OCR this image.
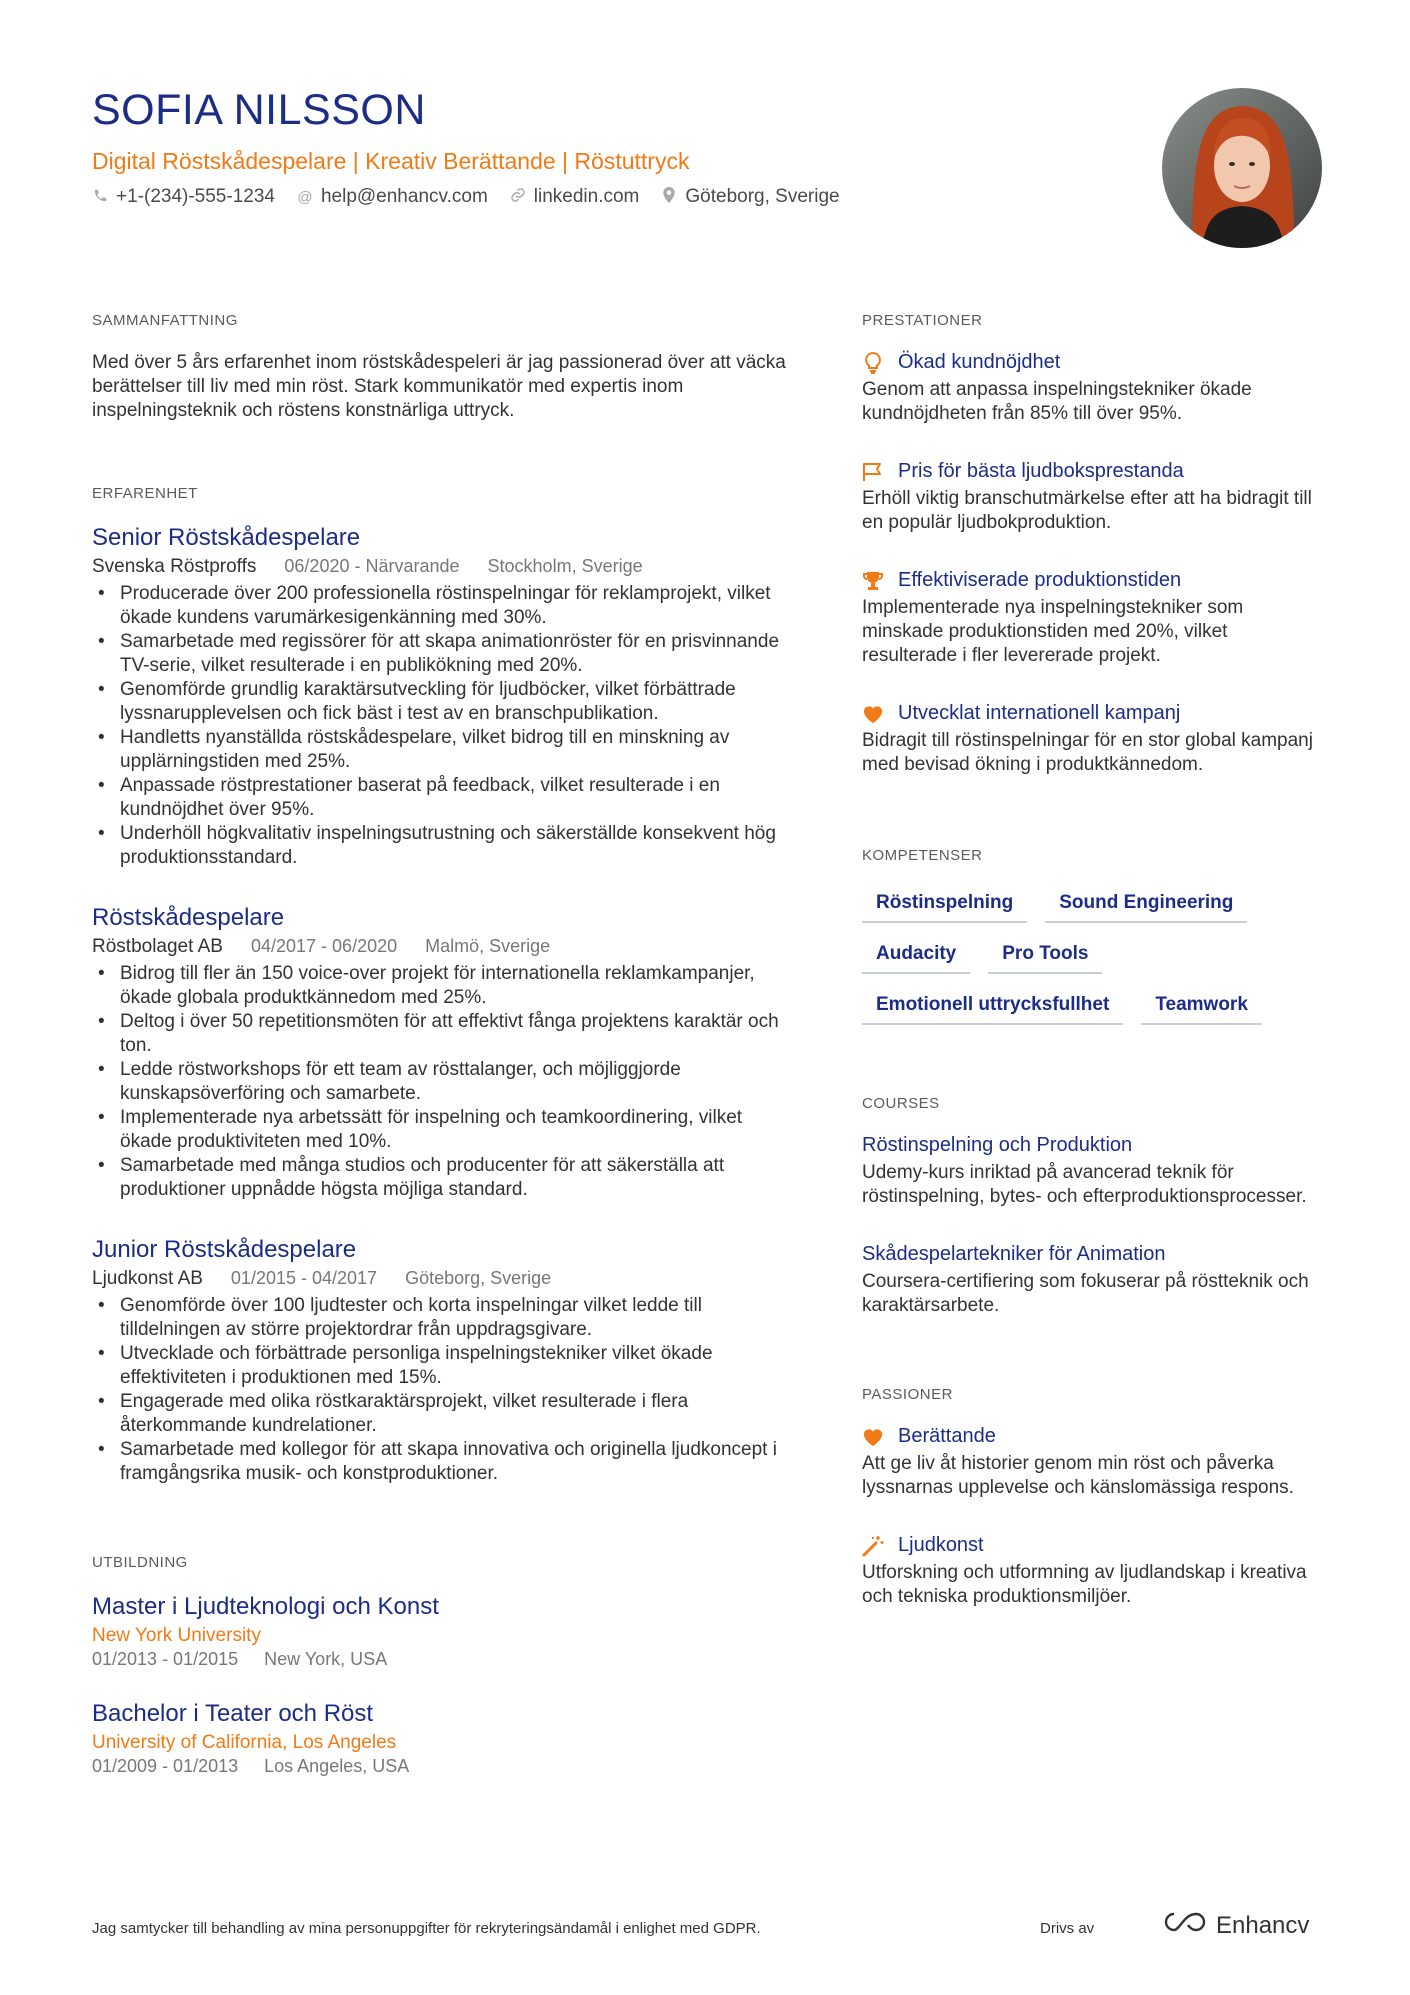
SOFIA NILSSON
Digital Röstskådespelare | Kreativ Berättande | Röstuttryck
+1-(234)-555-1234 @ help@enhancv.com linkedin.com Göteborg, Sverige
SAMMANFATTNING
Med över 5 års erfarenhet inom röstskådespeleri är jag passionerad över att väcka berättelser till liv med min röst. Stark kommunikatör med expertis inom inspelningsteknik och röstens konstnärliga uttryck.
ERFARENHET
Senior Röstskådespelare
Svenska Röstproffs 06/2020 - Närvarande Stockholm, Sverige
• Producerade över 200 professionella röstinspelningar för reklamprojekt, vilket ökade kundens varumärkesigenkänning med 30%.
• Samarbetade med regissörer för att skapa animationröster för en prisvinnande TV-serie, vilket resulterade i en publikökning med 20%.
• Genomförde grundlig karaktärsutveckling för ljudböcker, vilket förbättrade lyssnarupplevelsen och fick bäst i test av en branschpublikation.
• Handletts nyanställda röstskådespelare, vilket bidrog till en minskning av upplärningstiden med 25%.
• Anpassade röstprestationer baserat på feedback, vilket resulterade i en kundnöjdhet över 95%.
• Underhöll högkvalitativ inspelningsutrustning och säkerställde konsekvent hög produktionsstandard.
Röstskådespelare
Röstbolaget AB 04/2017 - 06/2020 Malmö, Sverige
• Bidrog till fler än 150 voice-over projekt för internationella reklamkampanjer, ökade globala produktkännedom med 25%.
• Deltog i över 50 repetitionsmöten för att effektivt fånga projektens karaktär och ton.
• Ledde röstworkshops för ett team av rösttalanger, och möjliggjorde kunskapsöverföring och samarbete.
• Implementerade nya arbetssätt för inspelning och teamkoordinering, vilket ökade produktiviteten med 10%.
• Samarbetade med många studios och producenter för att säkerställa att produktioner uppnådde högsta möjliga standard.
Junior Röstskådespelare
Ljudkonst AB 01/2015 - 04/2017 Göteborg, Sverige
• Genomförde över 100 ljudtester och korta inspelningar vilket ledde till tilldelningen av större projektordrar från uppdragsgivare.
• Utvecklade och förbättrade personliga inspelningstekniker vilket ökade effektiviteten i produktionen med 15%.
• Engagerade med olika röstkaraktärsprojekt, vilket resulterade i flera återkommande kundrelationer.
• Samarbetade med kollegor för att skapa innovativa och originella ljudkoncept i framgångsrika musik- och konstproduktioner.
UTBILDNING
Master i Ljudteknologi och Konst
New York University
01/2013 - 01/2015 New York, USA
Bachelor i Teater och Röst
University of California, Los Angeles
01/2009 - 01/2013 Los Angeles, USA
PRESTATIONER
Ökad kundnöjdhet
Genom att anpassa inspelningstekniker ökade kundnöjdheten från 85% till över 95%.
Pris för bästa ljudboksprestanda
Erhöll viktig branschutmärkelse efter att ha bidragit till en populär ljudbokproduktion.
Effektiviserade produktionstiden
Implementerade nya inspelningstekniker som minskade produktionstiden med 20%, vilket resulterade i fler levererade projekt.
Utvecklat internationell kampanj
Bidragit till röstinspelningar för en stor global kampanj med bevisad ökning i produktkännedom.
KOMPETENSER
Röstinspelning	Sound Engineering
Audacity	Pro Tools
Emotionell uttrycksfullhet	Teamwork
COURSES
Röstinspelning och Produktion
Udemy-kurs inriktad på avancerad teknik för röstinspelning, bytes- och efterproduktionsprocesser.
Skådespelartekniker för Animation
Coursera-certifiering som fokuserar på röstteknik och karaktärsarbete.
PASSIONER
Berättande
Att ge liv åt historier genom min röst och påverka lyssnarnas upplevelse och känslomässiga respons.
Ljudkonst
Utforskning och utformning av ljudlandskap i kreativa och tekniska produktionsmiljöer.
Jag samtycker till behandling av mina personuppgifter för rekryteringsändamål i enlighet med GDPR.	Drivs av	Enhancv
